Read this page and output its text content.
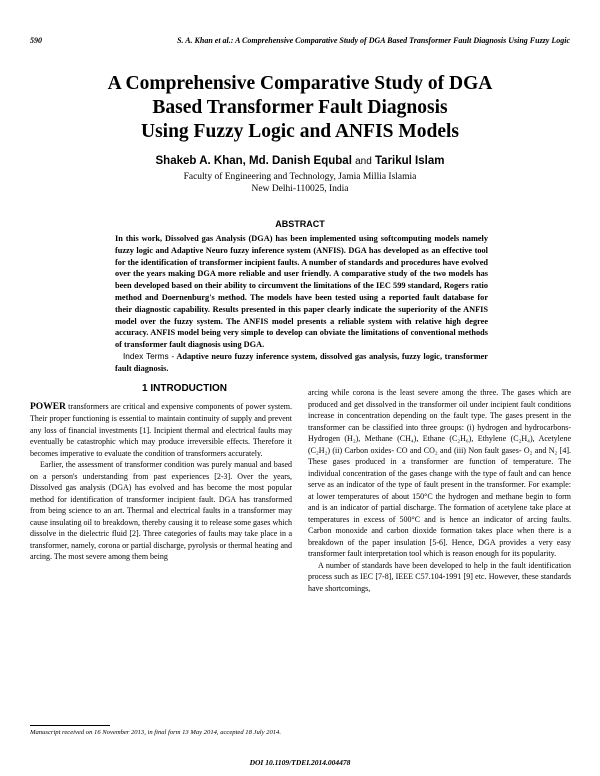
590	S. A. Khan et al.: A Comprehensive Comparative Study of DGA Based Transformer Fault Diagnosis Using Fuzzy Logic
A Comprehensive Comparative Study of DGA
Based Transformer Fault Diagnosis
Using Fuzzy Logic and ANFIS Models
Shakeb A. Khan, Md. Danish Equbal and Tarikul Islam
Faculty of Engineering and Technology, Jamia Millia Islamia
New Delhi-110025, India
ABSTRACT
In this work, Dissolved gas Analysis (DGA) has been implemented using softcomputing models namely fuzzy logic and Adaptive Neuro fuzzy inference system (ANFIS). DGA has developed as an effective tool for the identification of transformer incipient faults. A number of standards and procedures have evolved over the years making DGA more reliable and user friendly. A comparative study of the two models has been developed based on their ability to circumvent the limitations of the IEC 599 standard, Rogers ratio method and Doernenburg's method. The models have been tested using a reported fault database for their diagnostic capability. Results presented in this paper clearly indicate the superiority of the ANFIS model over the fuzzy system. The ANFIS model presents a reliable system with relative high degree accuracy. ANFIS model being very simple to develop can obviate the limitations of conventional methods of transformer fault diagnosis using DGA.
Index Terms - Adaptive neuro fuzzy inference system, dissolved gas analysis, fuzzy logic, transformer fault diagnosis.
1 INTRODUCTION

POWER transformers are critical and expensive components of power system. Their proper functioning is essential to maintain continuity of supply and prevent any loss of financial investments [1]. Incipient thermal and electrical faults may eventually be catastrophic which may produce irreversible effects. Therefore it becomes imperative to evaluate the condition of transformers accurately.

Earlier, the assessment of transformer condition was purely manual and based on a person's understanding from past experiences [2-3]. Over the years, Dissolved gas analysis (DGA) has evolved and has become the most popular method for identification of transformer incipient fault. DGA has transformed from being science to an art. Thermal and electrical faults in a transformer may cause insulating oil to breakdown, thereby causing it to release some gases which dissolve in the dielectric fluid [2]. Three categories of faults may take place in a transformer, namely, corona or partial discharge, pyrolysis or thermal heating and arcing. The most severe among them being

arcing while corona is the least severe among the three. The gases which are produced and get dissolved in the transformer oil under incipient fault conditions increase in concentration depending on the fault type. The gases present in the transformer can be classified into three groups: (i) hydrogen and hydrocarbons- Hydrogen (H₂), Methane (CH₄), Ethane (C₂H₆), Ethylene (C₂H₄), Acetylene (C₂H₂) (ii) Carbon oxides- CO and CO₂ and (iii) Non fault gases- O₂ and N₂ [4]. These gases produced in a transformer are function of temperature. The individual concentration of the gases change with the type of fault and can hence serve as an indicator of the type of fault present in the transformer. For example: at lower temperatures of about 150°C the hydrogen and methane begin to form and is an indicator of partial discharge. The formation of acetylene take place at temperatures in excess of 500°C and is hence an indicator of arcing faults. Carbon monoxide and carbon dioxide formation takes place when there is a breakdown of the paper insulation [5-6]. Hence, DGA provides a very easy transformer fault interpretation tool which is reason enough for its popularity.

A number of standards have been developed to help in the fault identification process such as IEC [7-8], IEEE C57.104-1991 [9] etc. However, these standards have shortcomings,

Manuscript received on 16 November 2013, in final form 13 May 2014, accepted 18 July 2014.
DOI 10.1109/TDEI.2014.004478
